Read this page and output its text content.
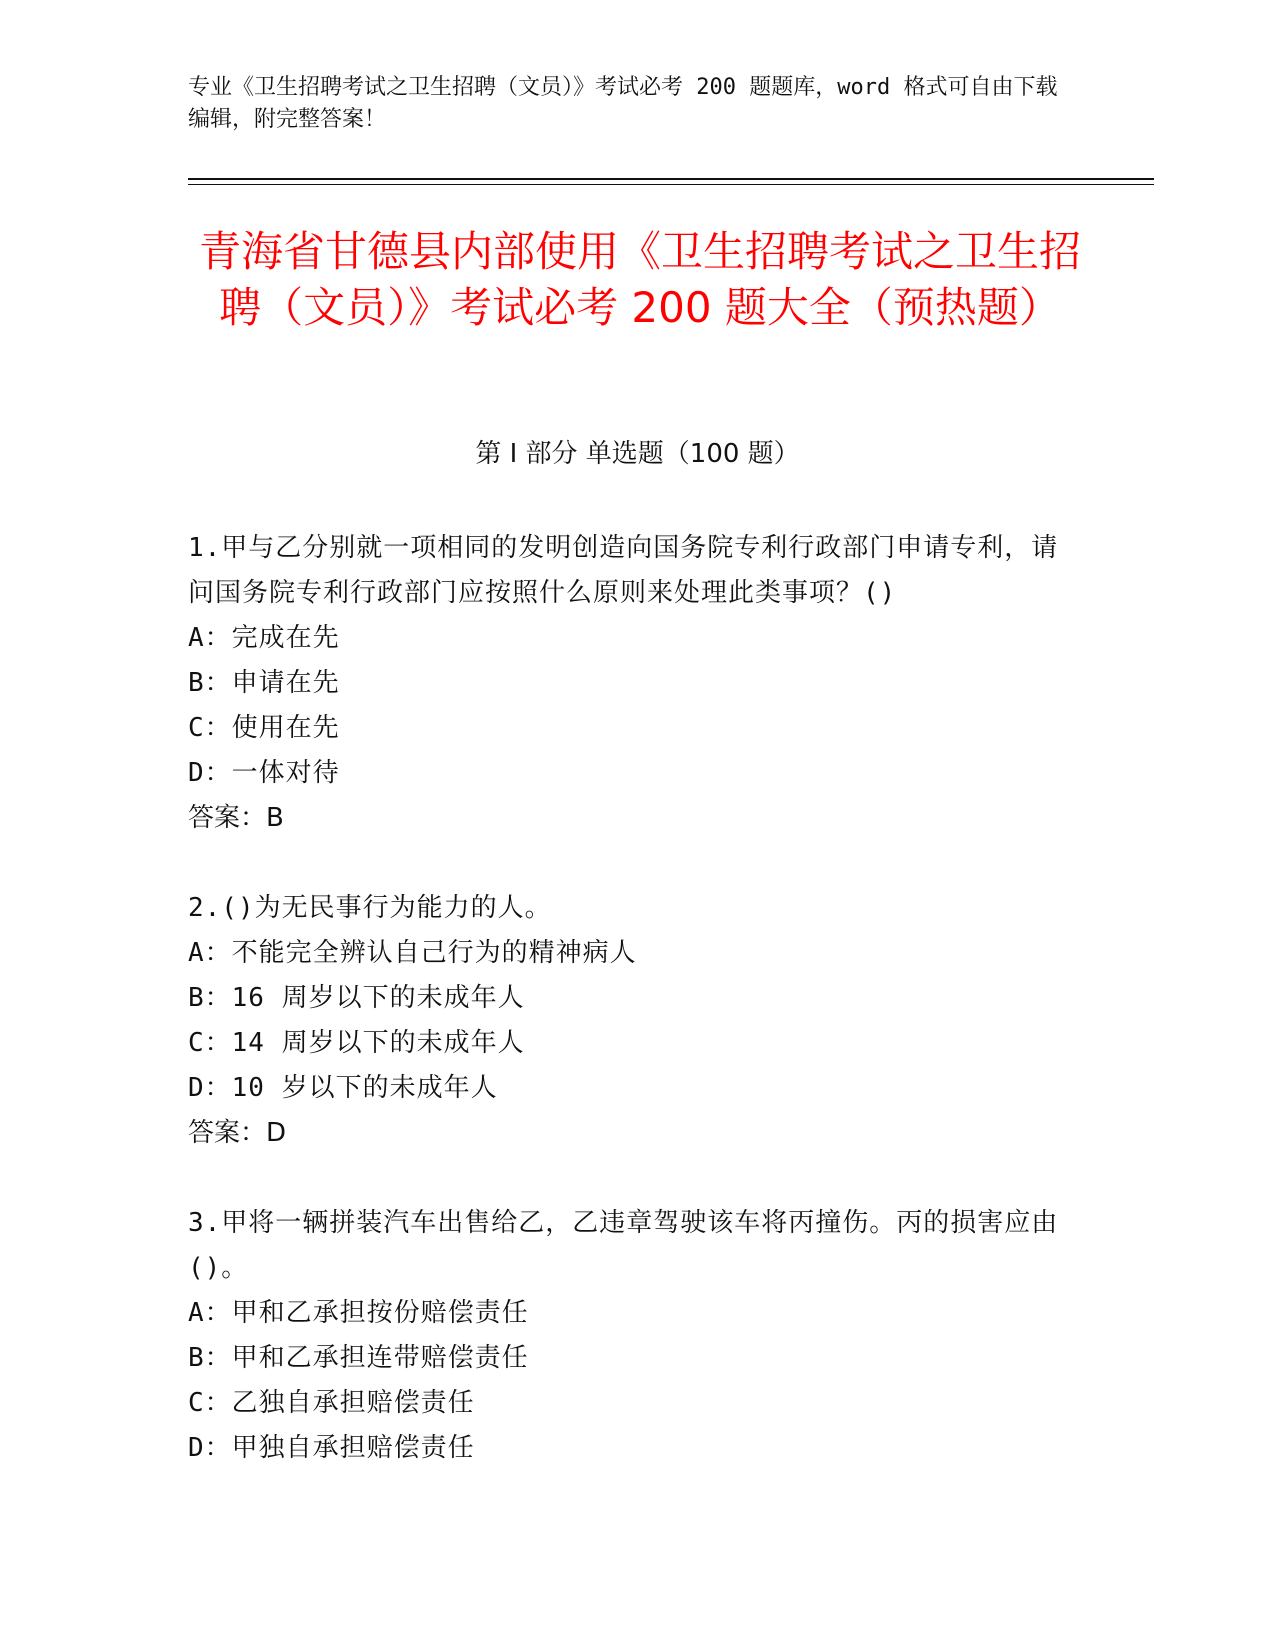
专业《卫生招聘考试之卫生招聘（文员）》考试必考 200 题题库，word 格式可自由下载编辑，附完整答案！
青海省甘德县内部使用《卫生招聘考试之卫生招聘（文员）》考试必考 200 题大全（预热题）
第 I 部分 单选题（100 题）
1.甲与乙分别就一项相同的发明创造向国务院专利行政部门申请专利，请问国务院专利行政部门应按照什么原则来处理此类事项？()
A：完成在先
B：申请在先
C：使用在先
D：一体对待
答案：B
2.()为无民事行为能力的人。
A：不能完全辨认自己行为的精神病人
B：16 周岁以下的未成年人
C：14 周岁以下的未成年人
D：10 岁以下的未成年人
答案：D
3.甲将一辆拼装汽车出售给乙，乙违章驾驶该车将丙撞伤。丙的损害应由()。
A：甲和乙承担按份赔偿责任
B：甲和乙承担连带赔偿责任
C：乙独自承担赔偿责任
D：甲独自承担赔偿责任
